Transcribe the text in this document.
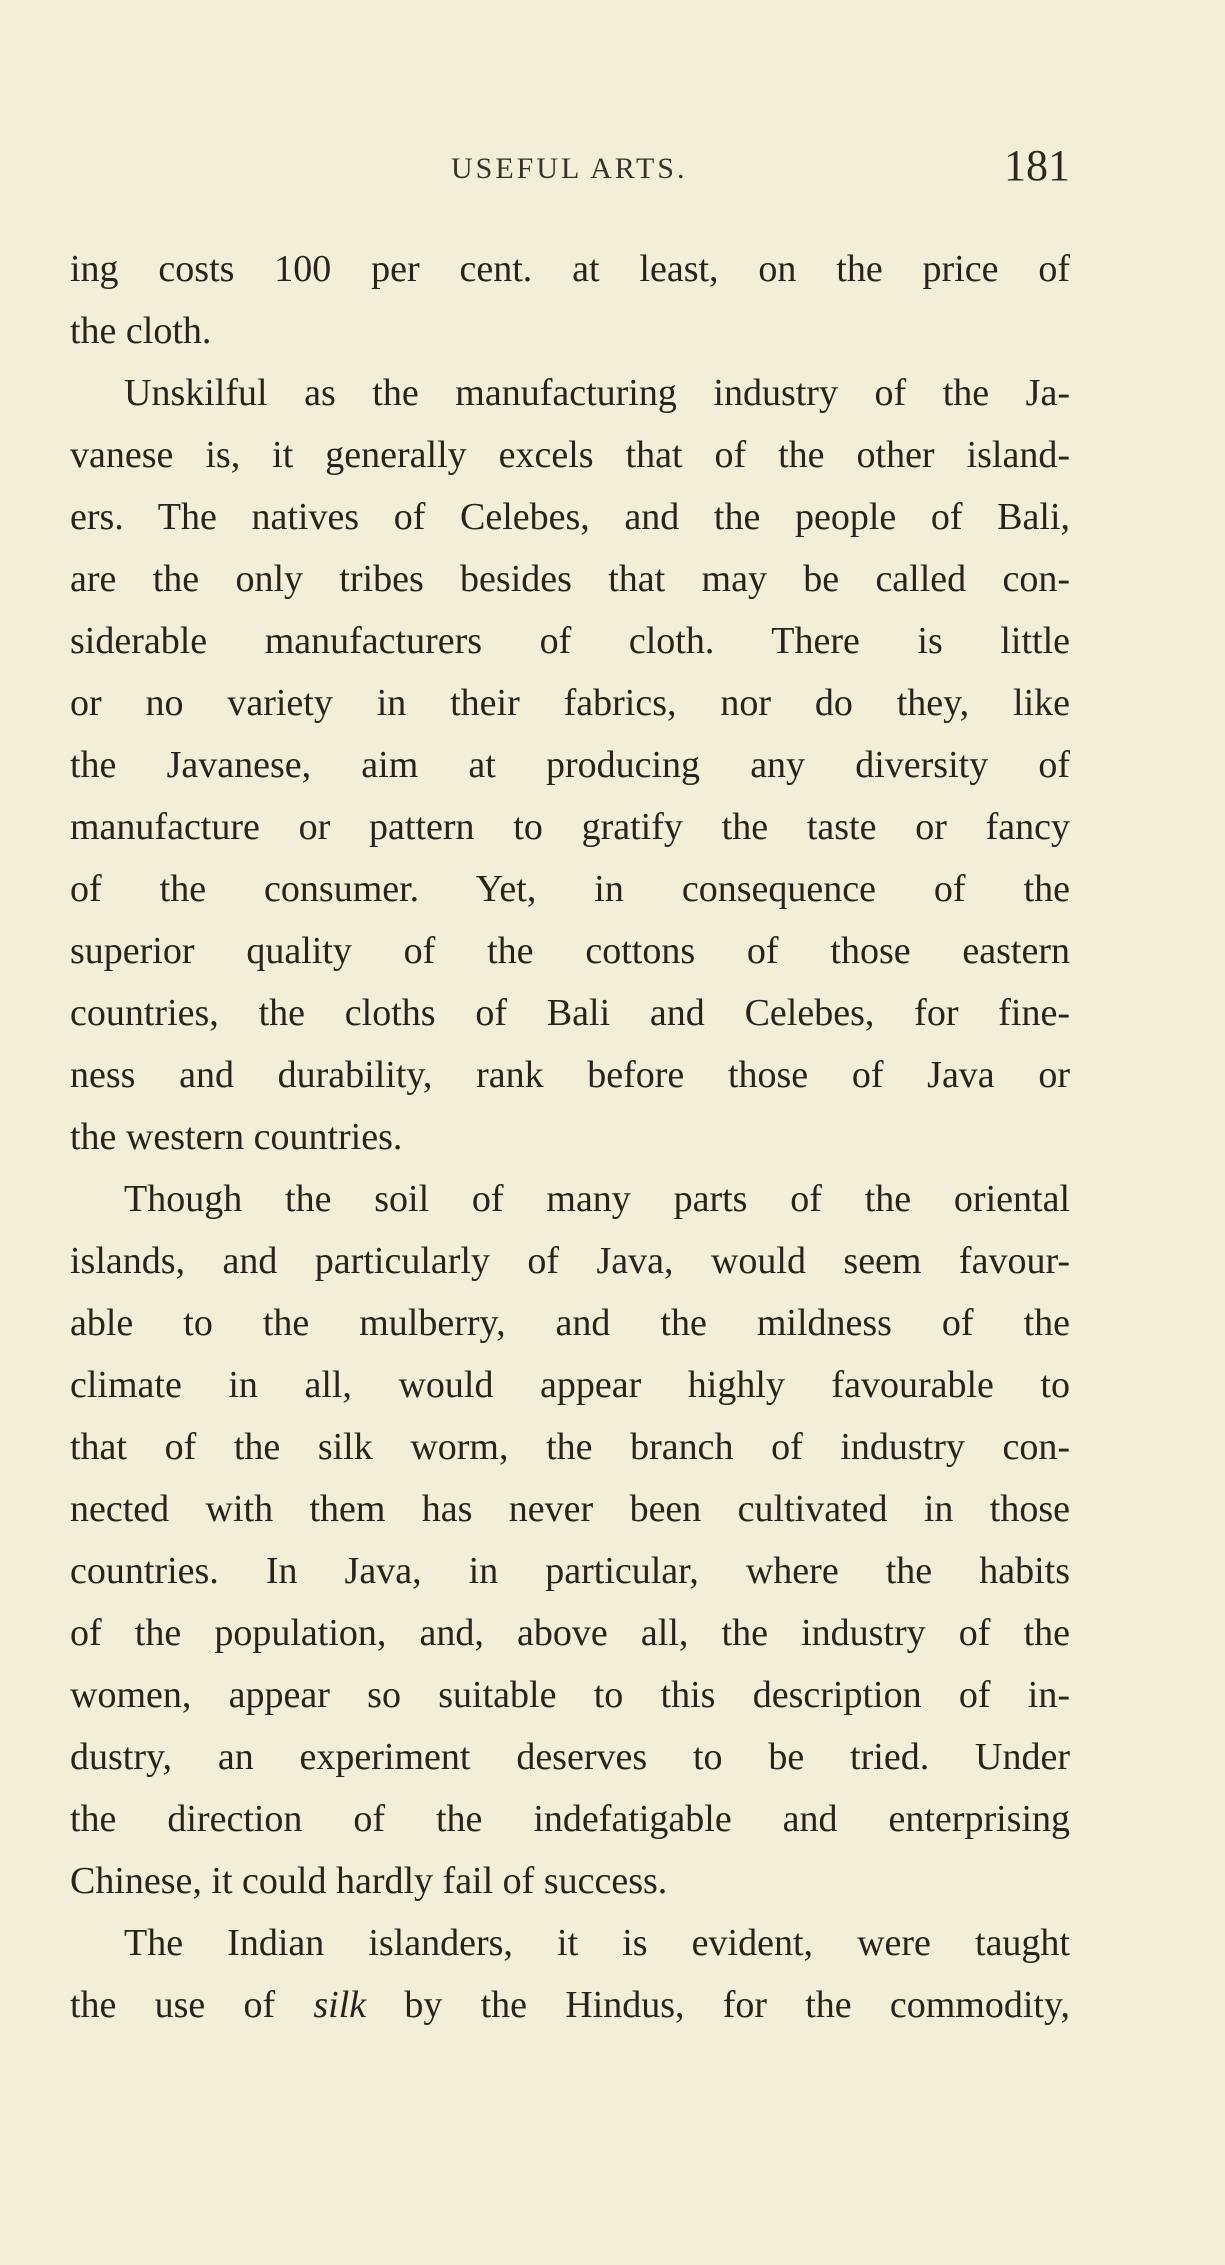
USEFUL ARTS.	181
ing costs 100 per cent. at least, on the price of
the cloth.
Unskilful as the manufacturing industry of the Ja-
vanese is, it generally excels that of the other island-
ers. The natives of Celebes, and the people of Bali,
are the only tribes besides that may be called con-
siderable manufacturers of cloth. There is little
or no variety in their fabrics, nor do they, like
the Javanese, aim at producing any diversity of
manufacture or pattern to gratify the taste or fancy
of the consumer. Yet, in consequence of the
superior quality of the cottons of those eastern
countries, the cloths of Bali and Celebes, for fine-
ness and durability, rank before those of Java or
the western countries.
Though the soil of many parts of the oriental
islands, and particularly of Java, would seem favour-
able to the mulberry, and the mildness of the
climate in all, would appear highly favourable to
that of the silk worm, the branch of industry con-
nected with them has never been cultivated in those
countries. In Java, in particular, where the habits
of the population, and, above all, the industry of the
women, appear so suitable to this description of in-
dustry, an experiment deserves to be tried. Under
the direction of the indefatigable and enterprising
Chinese, it could hardly fail of success.
The Indian islanders, it is evident, were taught
the use of silk by the Hindus, for the commodity,
